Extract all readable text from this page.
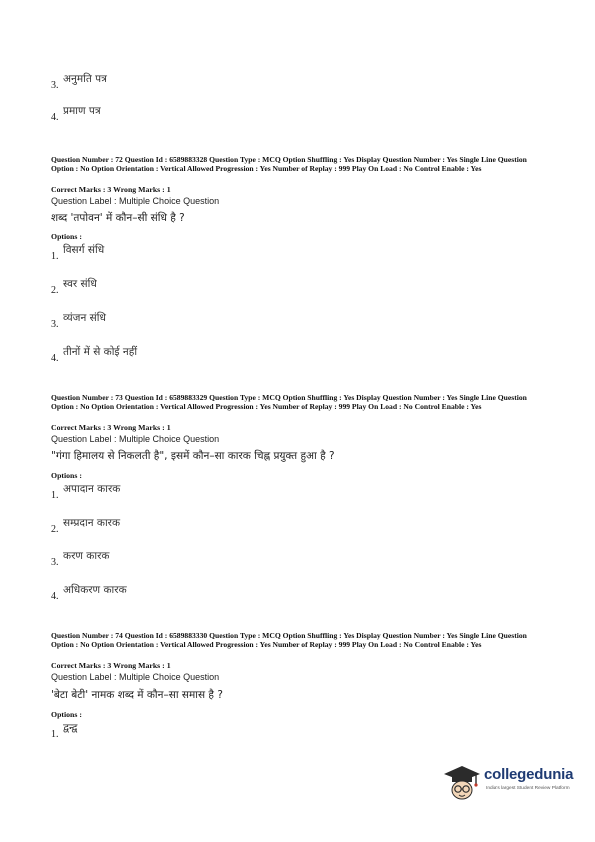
3.
अनुमति पत्र
4.
प्रमाण पत्र
Question Number : 72 Question Id : 6589883328 Question Type : MCQ Option Shuffling : Yes Display Question Number : Yes Single Line Question Option : No Option Orientation : Vertical Allowed Progression : Yes Number of Replay : 999 Play On Load : No Control Enable : Yes
Correct Marks : 3 Wrong Marks : 1
Question Label : Multiple Choice Question
शब्द 'तपोवन' में कौन–सी संधि है ?
Options :
1.
विसर्ग संधि
2.
स्वर संधि
3.
व्यंजन संधि
4.
तीनों में से कोई नहीं
Question Number : 73 Question Id : 6589883329 Question Type : MCQ Option Shuffling : Yes Display Question Number : Yes Single Line Question Option : No Option Orientation : Vertical Allowed Progression : Yes Number of Replay : 999 Play On Load : No Control Enable : Yes
Correct Marks : 3 Wrong Marks : 1
Question Label : Multiple Choice Question
"गंगा हिमालय से निकलती है", इसमें कौन–सा कारक चिह्न प्रयुक्त हुआ है ?
Options :
1.
अपादान कारक
2.
सम्प्रदान कारक
3.
करण कारक
4.
अधिकरण कारक
Question Number : 74 Question Id : 6589883330 Question Type : MCQ Option Shuffling : Yes Display Question Number : Yes Single Line Question Option : No Option Orientation : Vertical Allowed Progression : Yes Number of Replay : 999 Play On Load : No Control Enable : Yes
Correct Marks : 3 Wrong Marks : 1
Question Label : Multiple Choice Question
'बेटा बेटी' नामक शब्द में कौन–सा समास है ?
Options :
1.
द्वन्द्व
collegedunia
India's largest Student Review Platform
